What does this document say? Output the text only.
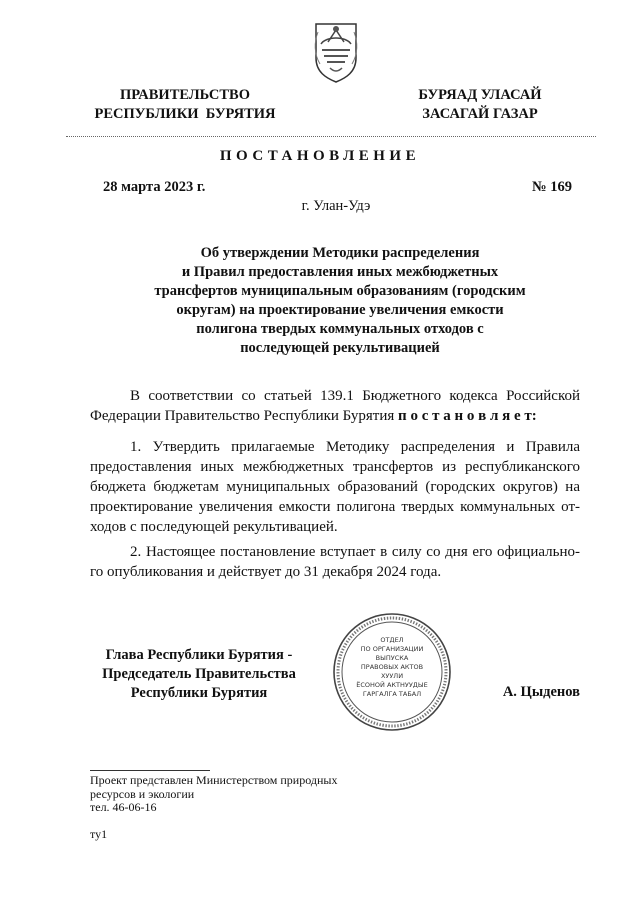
ПРАВИТЕЛЬСТВО
РЕСПУБЛИКИ  БУРЯТИЯ
БУРЯАД УЛАСАЙ
ЗАСАГАЙ ГАЗАР
ПОСТАНОВЛЕНИЕ
28 марта 2023 г.	№ 169
г. Улан-Удэ
Об утверждении Методики распределения
и Правил предоставления иных межбюджетных
трансфертов муниципальным образованиям (городским
округам) на проектирование увеличения емкости
полигона твердых коммунальных отходов с
последующей рекультивацией
В соответствии со статьей 139.1 Бюджетного кодекса Российской Федерации Правительство Республики Бурятия п о с т а н о в л я е т:
1. Утвердить прилагаемые Методику распределения и Правила предоставления иных межбюджетных трансфертов из республиканского бюджета бюджетам муниципальных образований (городских округов) на проектирование увеличения емкости полигона твердых коммунальных от-ходов с последующей рекультивацией.
2. Настоящее постановление вступает в силу со дня его официально-го опубликования и действует до 31 декабря 2024 года.
Глава Республики Бурятия -
Председатель Правительства
Республики Бурятия	А. Цыденов
ОТДЕЛ
ПО ОРГАНИЗАЦИИ
ВЫПУСКА
ПРАВОВЫХ АКТОВ
ХУУЛИ
ЁСОНОЙ АКТНУУДЫЕ
ГАРГАЛГА ТАБАЛ
Проект представлен Министерством природных
ресурсов и экологии
тел. 46-06-16
ту1
